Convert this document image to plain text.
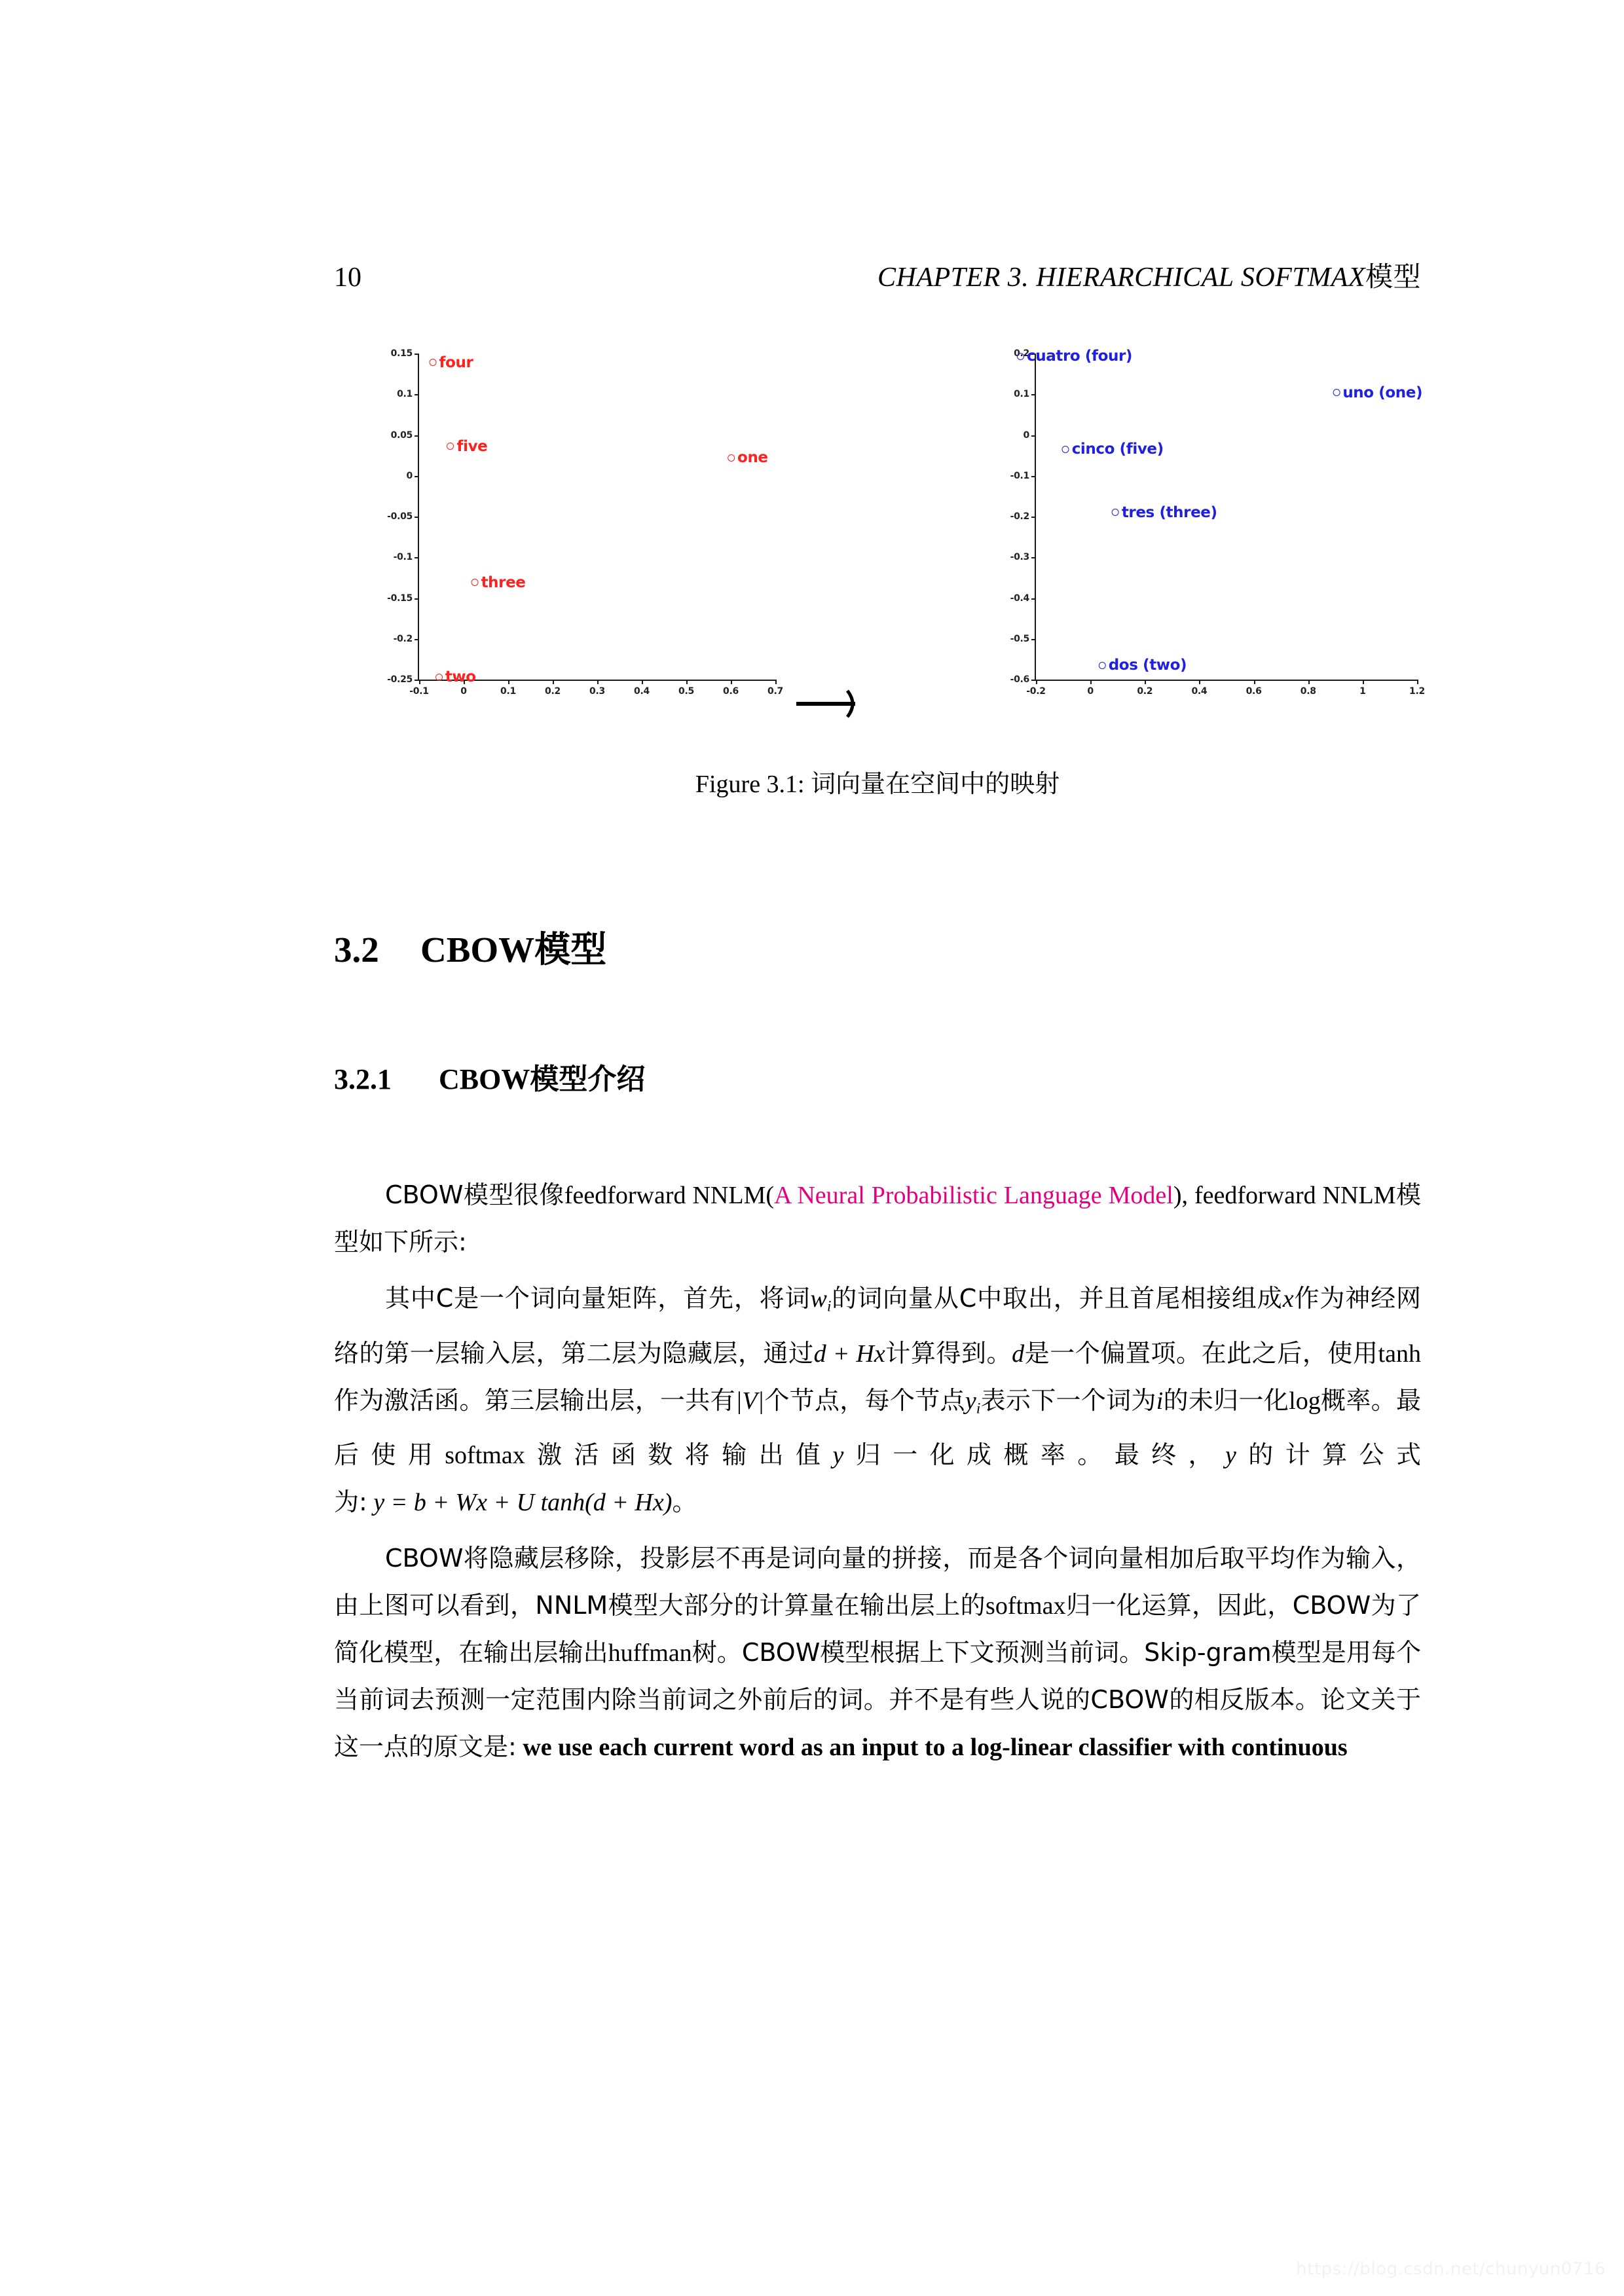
10	CHAPTER 3. HIERARCHICAL SOFTMAX模型
0.15
0.1
0.05
0
-0.05
-0.1
-0.15
-0.2
-0.25
-0.1	0	0.1	0.2	0.3	0.4	0.5	0.6	0.7
four
five
one
three
two
0.2
0.1
0
-0.1
-0.2
-0.3
-0.4
-0.5
-0.6
-0.2	0	0.2	0.4	0.6	0.8	1	1.2
cuatro (four)
uno (one)
cinco (five)
tres (three)
dos (two)
Figure 3.1: 词向量在空间中的映射
3.2 CBOW模型
3.2.1 CBOW模型介绍

CBOW模型很像feedforward NNLM(A Neural Probabilistic Language Model), feedforward NNLM模型如下所示:

其中C是一个词向量矩阵，首先，将词$w_i$的词向量从C中取出，并且首尾相接组成x作为神经网络的第一层输入层，第二层为隐藏层，通过d + Hx计算得到。d是一个偏置项。在此之后，使用tanh作为激活函。第三层输出层，一共有|V|个节点，每个节点$y_i$表示下一个词为i的未归一化log概率。最后使用softmax激活函数将输出值y归一化成概率。最终，y的计算公式为: y = b + Wx + U tanh(d + Hx)。

CBOW将隐藏层移除，投影层不再是词向量的拼接，而是各个词向量相加后取平均作为输入，由上图可以看到，NNLM模型大部分的计算量在输出层上的softmax归一化运算，因此，CBOW为了简化模型，在输出层输出huffman树。CBOW模型根据上下文预测当前词。Skip-gram模型是用每个当前词去预测一定范围内除当前词之外前后的词。并不是有些人说的CBOW的相反版本。论文关于这一点的原文是: we use each current word as an input to a log-linear classifier with continuous

https://blog.csdn.net/chunyun0716
